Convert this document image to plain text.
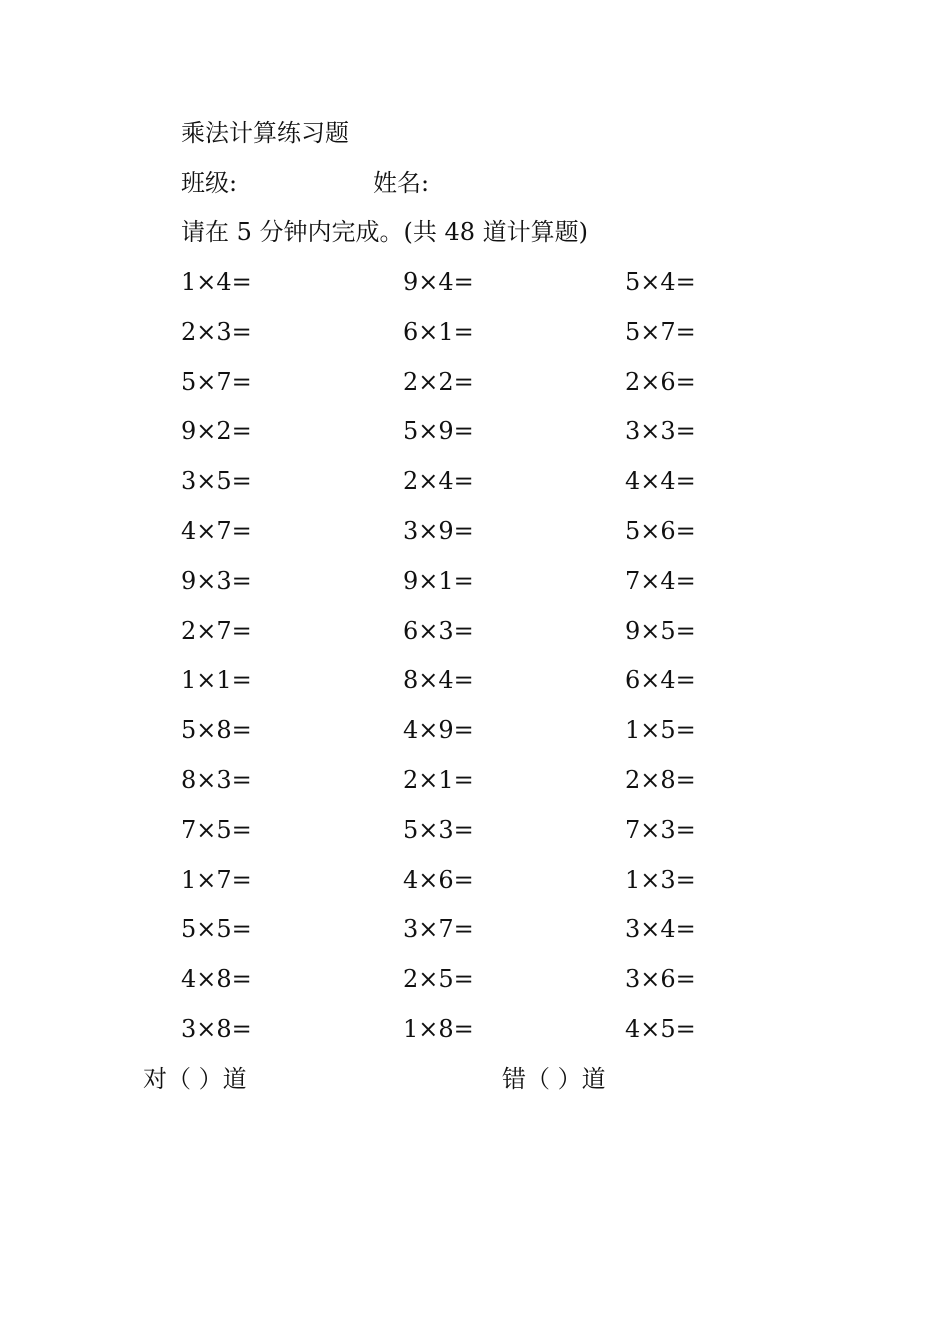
乘法计算练习题
班级:	姓名:
请在 5 分钟内完成。(共 48 道计算题)
1×4=	9×4=	5×4=
2×3=	6×1=	5×7=
5×7=	2×2=	2×6=
9×2=	5×9=	3×3=
3×5=	2×4=	4×4=
4×7=	3×9=	5×6=
9×3=	9×1=	7×4=
2×7=	6×3=	9×5=
1×1=	8×4=	6×4=
5×8=	4×9=	1×5=
8×3=	2×1=	2×8=
7×5=	5×3=	7×3=
1×7=	4×6=	1×3=
5×5=	3×7=	3×4=
4×8=	2×5=	3×6=
3×8=	1×8=	4×5=
对（ ）道	错（ ）道
